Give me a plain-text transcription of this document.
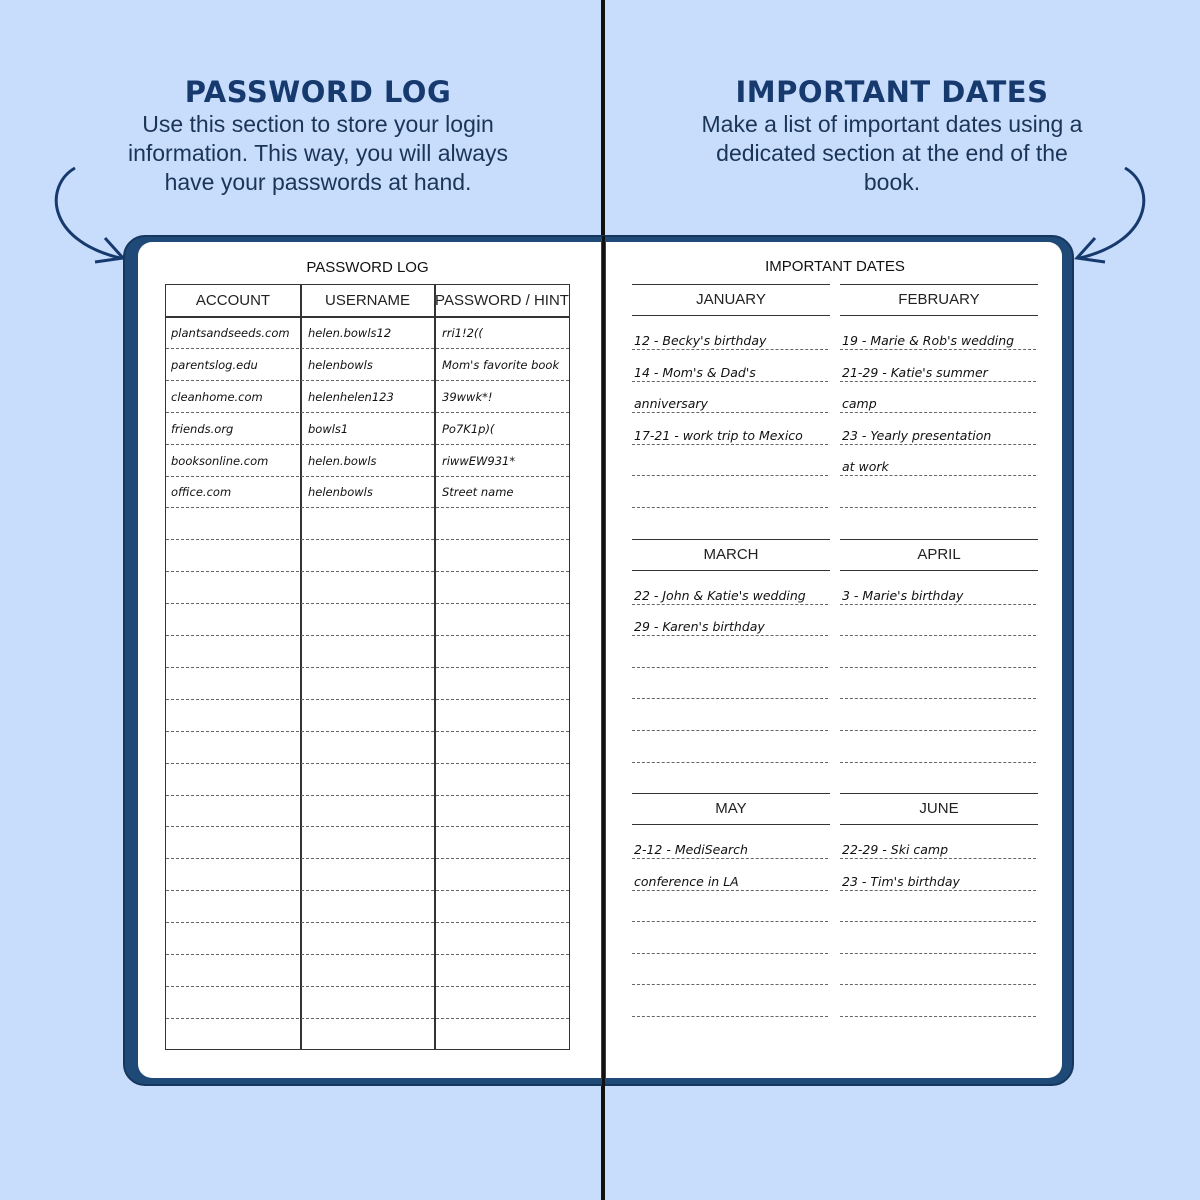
PASSWORD LOG

Use this section to store your login

information. This way, you will always

have your passwords at hand.

IMPORTANT DATES

Make a list of important dates using a

dedicated section at the end of the

book.

PASSWORD LOG
ACCOUNT	USERNAME	PASSWORD / HINT
plantsandseeds.com helen.bowls12	rri1!2((
parentslog.edu	helenbowls	Mom's favorite book
cleanhome.com	helenhelen123	39wwk*!
friends.org	bowls1	Po7K1p)(
booksonline.com	helen.bowls	riwwEW931*
office.com	helenbowls	Street name
IMPORTANT DATES
JANUARY
12 - Becky's birthday
14 - Mom's & Dad's
anniversary
17-21 - work trip to Mexico
FEBRUARY
19 - Marie & Rob's wedding
21-29 - Katie's summer
camp
23 - Yearly presentation
at work
MARCH
22 - John & Katie's wedding
29 - Karen's birthday
APRIL
3 - Marie's birthday
MAY
2-12 - MediSearch
conference in LA
JUNE
22-29 - Ski camp
23 - Tim's birthday
